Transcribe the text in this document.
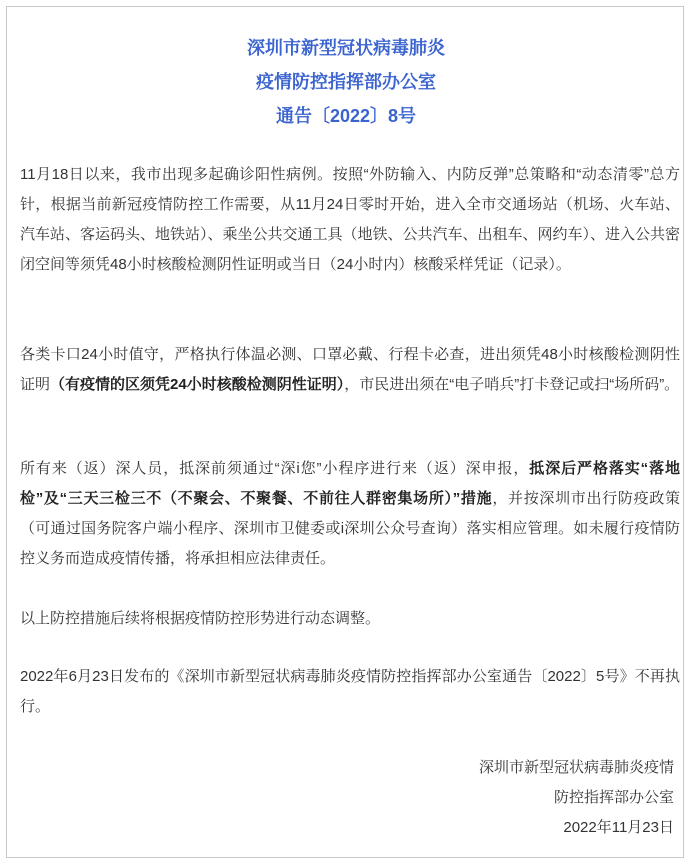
深圳市新型冠状病毒肺炎
疫情防控指挥部办公室
通告〔2022〕8号

11月18日以来，我市出现多起确诊阳性病例。按照“外防输入、内防反弹”总策略和“动态清零”总方针，根据当前新冠疫情防控工作需要，从11月24日零时开始，进入全市交通场站（机场、火车站、汽车站、客运码头、地铁站）、乘坐公共交通工具（地铁、公共汽车、出租车、网约车）、进入公共密闭空间等须凭48小时核酸检测阴性证明或当日（24小时内）核酸采样凭证（记录）。

各类卡口24小时值守，严格执行体温必测、口罩必戴、行程卡必查，进出须凭48小时核酸检测阴性证明（有疫情的区须凭24小时核酸检测阴性证明），市民进出须在“电子哨兵”打卡登记或扫“场所码”。

所有来（返）深人员，抵深前须通过“深i您”小程序进行来（返）深申报，抵深后严格落实“落地检”及“三天三检三不（不聚会、不聚餐、不前往人群密集场所）”措施，并按深圳市出行防疫政策（可通过国务院客户端小程序、深圳市卫健委或i深圳公众号查询）落实相应管理。如未履行疫情防控义务而造成疫情传播，将承担相应法律责任。

以上防控措施后续将根据疫情防控形势进行动态调整。

2022年6月23日发布的《深圳市新型冠状病毒肺炎疫情防控指挥部办公室通告〔2022〕5号》不再执行。

深圳市新型冠状病毒肺炎疫情
防控指挥部办公室
2022年11月23日
